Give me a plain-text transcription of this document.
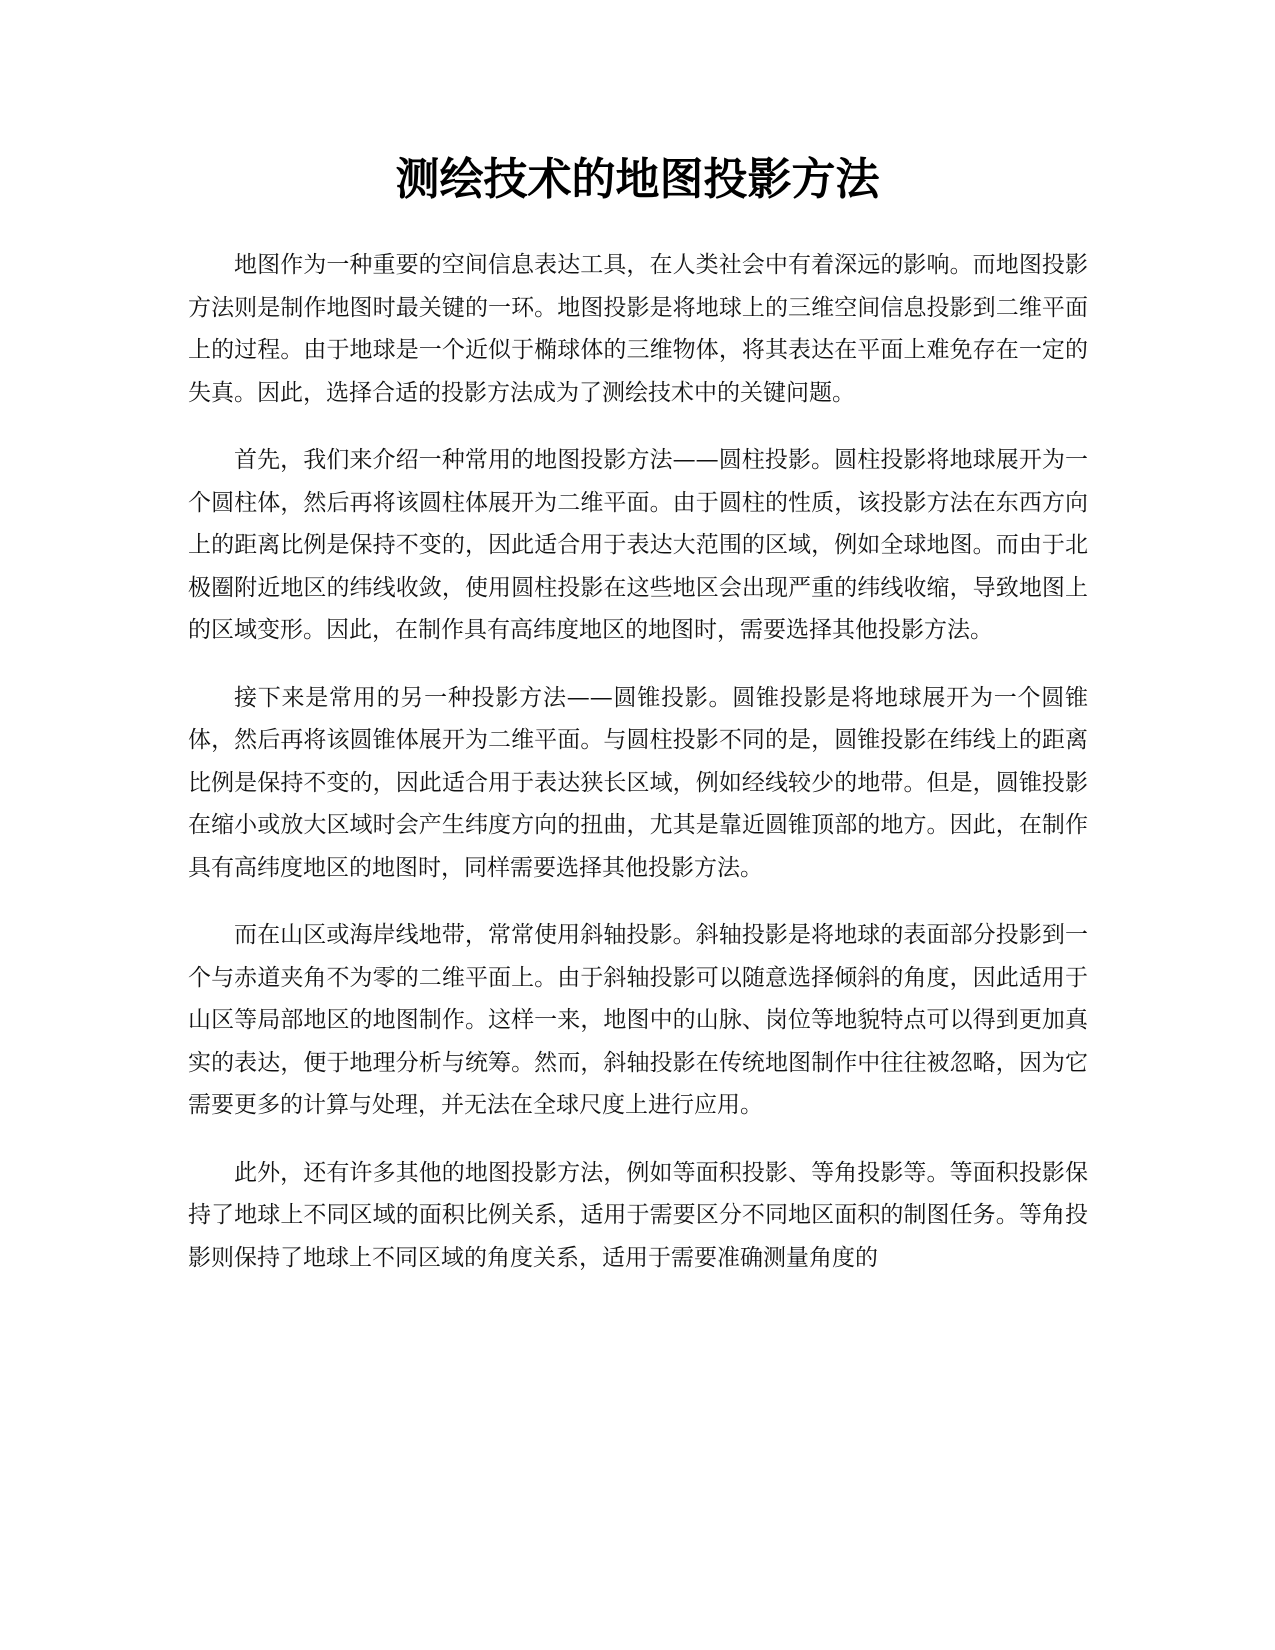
测绘技术的地图投影方法

地图作为一种重要的空间信息表达工具，在人类社会中有着深远的影响。而地图投影方法则是制作地图时最关键的一环。地图投影是将地球上的三维空间信息投影到二维平面上的过程。由于地球是一个近似于椭球体的三维物体，将其表达在平面上难免存在一定的失真。因此，选择合适的投影方法成为了测绘技术中的关键问题。

首先，我们来介绍一种常用的地图投影方法——圆柱投影。圆柱投影将地球展开为一个圆柱体，然后再将该圆柱体展开为二维平面。由于圆柱的性质，该投影方法在东西方向上的距离比例是保持不变的，因此适合用于表达大范围的区域，例如全球地图。而由于北极圈附近地区的纬线收敛，使用圆柱投影在这些地区会出现严重的纬线收缩，导致地图上的区域变形。因此，在制作具有高纬度地区的地图时，需要选择其他投影方法。

接下来是常用的另一种投影方法——圆锥投影。圆锥投影是将地球展开为一个圆锥体，然后再将该圆锥体展开为二维平面。与圆柱投影不同的是，圆锥投影在纬线上的距离比例是保持不变的，因此适合用于表达狭长区域，例如经线较少的地带。但是，圆锥投影在缩小或放大区域时会产生纬度方向的扭曲，尤其是靠近圆锥顶部的地方。因此，在制作具有高纬度地区的地图时，同样需要选择其他投影方法。

而在山区或海岸线地带，常常使用斜轴投影。斜轴投影是将地球的表面部分投影到一个与赤道夹角不为零的二维平面上。由于斜轴投影可以随意选择倾斜的角度，因此适用于山区等局部地区的地图制作。这样一来，地图中的山脉、岗位等地貌特点可以得到更加真实的表达，便于地理分析与统筹。然而，斜轴投影在传统地图制作中往往被忽略，因为它需要更多的计算与处理，并无法在全球尺度上进行应用。

此外，还有许多其他的地图投影方法，例如等面积投影、等角投影等。等面积投影保持了地球上不同区域的面积比例关系，适用于需要区分不同地区面积的制图任务。等角投影则保持了地球上不同区域的角度关系，适用于需要准确测量角度的
